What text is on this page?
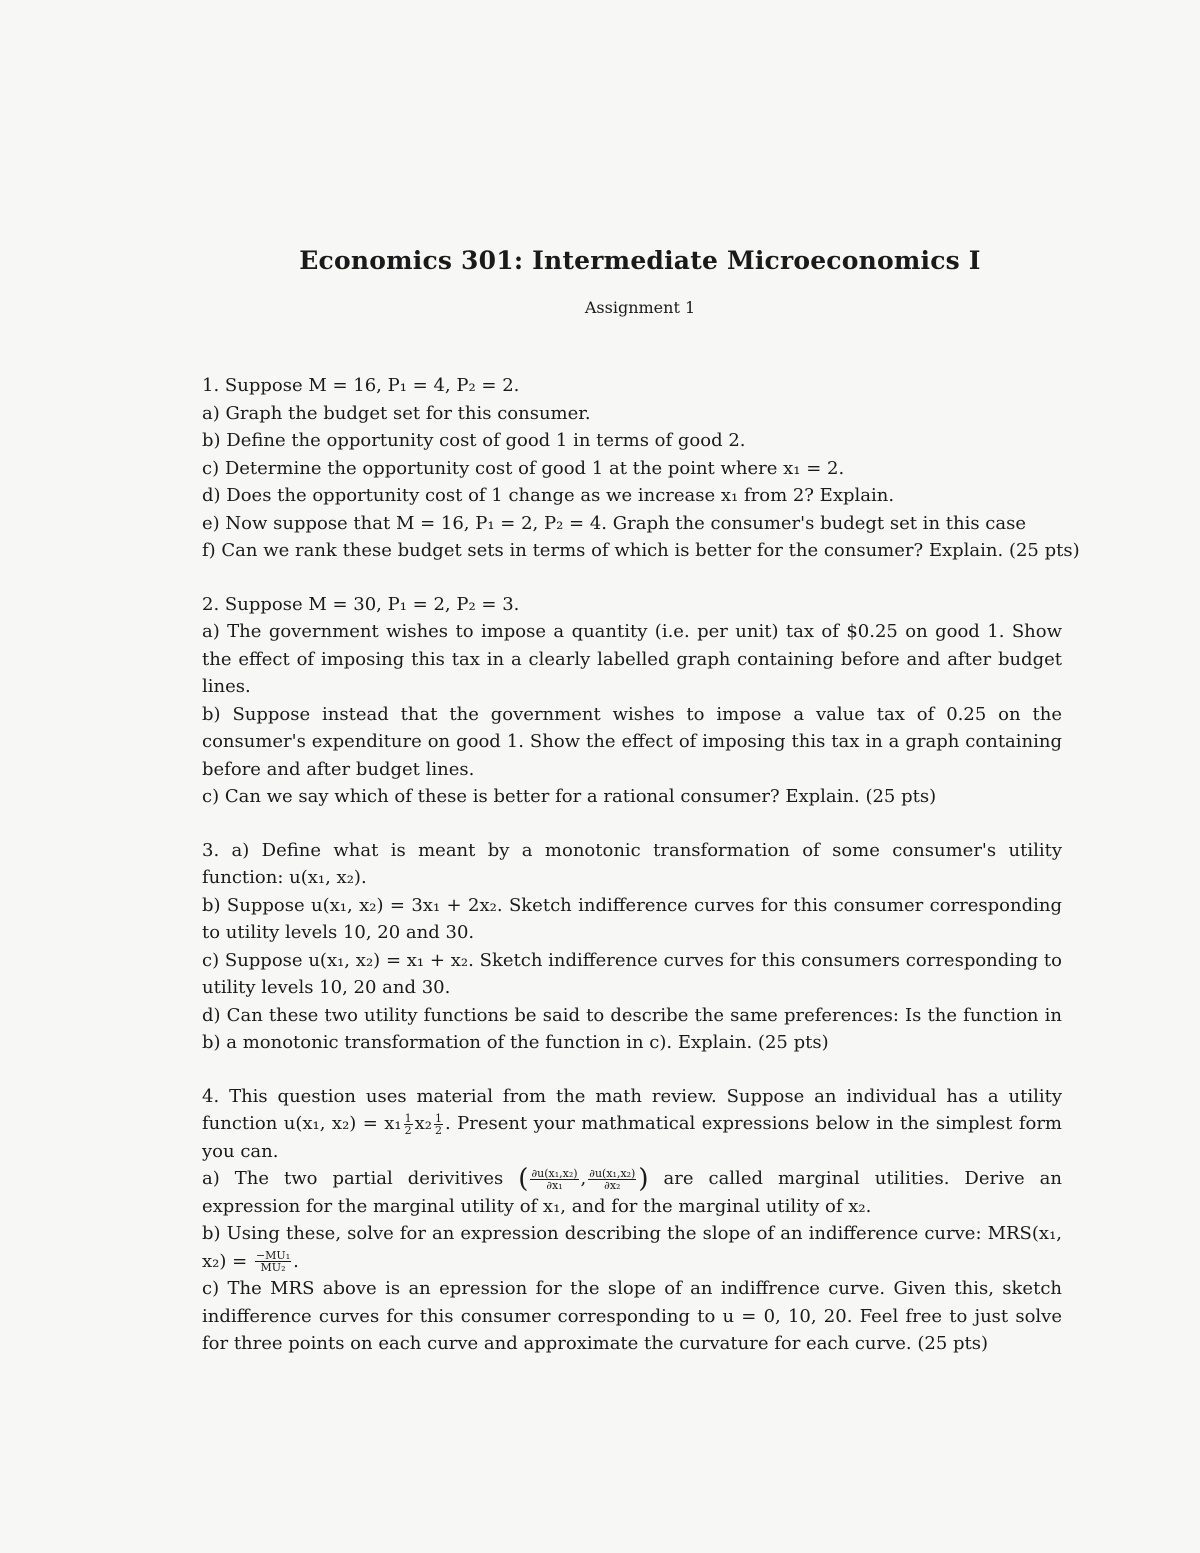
Economics 301: Intermediate Microeconomics I
Assignment 1
1. Suppose M = 16, P₁ = 4, P₂ = 2.
a) Graph the budget set for this consumer.
b) Define the opportunity cost of good 1 in terms of good 2.
c) Determine the opportunity cost of good 1 at the point where x₁ = 2.
d) Does the opportunity cost of 1 change as we increase x₁ from 2? Explain.
e) Now suppose that M = 16, P₁ = 2, P₂ = 4. Graph the consumer's budegt set in this case
f) Can we rank these budget sets in terms of which is better for the consumer? Explain. (25 pts)
2. Suppose M = 30, P₁ = 2, P₂ = 3.
a) The government wishes to impose a quantity (i.e. per unit) tax of $0.25 on good 1. Show the effect of imposing this tax in a clearly labelled graph containing before and after budget lines.
b) Suppose instead that the government wishes to impose a value tax of 0.25 on the consumer's expenditure on good 1. Show the effect of imposing this tax in a graph containing before and after budget lines.
c) Can we say which of these is better for a rational consumer? Explain. (25 pts)
3. a) Define what is meant by a monotonic transformation of some consumer's utility function: u(x₁, x₂).
b) Suppose u(x₁, x₂) = 3x₁ + 2x₂. Sketch indifference curves for this consumer corresponding to utility levels 10, 20 and 30.
c) Suppose u(x₁, x₂) = x₁ + x₂. Sketch indifference curves for this consumers corresponding to utility levels 10, 20 and 30.
d) Can these two utility functions be said to describe the same preferences: Is the function in b) a monotonic transformation of the function in c). Explain. (25 pts)
4. This question uses material from the math review. Suppose an individual has a utility function u(x₁, $x_2) = x_1 \frac{1}{2} x_2 \frac{1}{2}$ . Present your mathmatical expressions below in the simplest form you can.
a) The two partial derivitives ( $\frac{\text{∂u(x₁,x₂)}}{\text{∂x₁}}$ , $\frac{\text{∂u(x₁,x₂)}}{\text{∂x₂}}$ ) are called marginal utilities. Derive an expression for the marginal utility of x₁, and for the marginal utility of x₂.
b) Using these, solve for an expression describing the slope of an indifference curve: MRS(x₁, $x_2) = \frac{\text{−MU₁}}{\text{MU₂}}$ .
c) The MRS above is an epression for the slope of an indiffrence curve. Given this, sketch indifference curves for this consumer corresponding to u = 0, 10, 20. Feel free to just solve for three points on each curve and approximate the curvature for each curve. (25 pts)
